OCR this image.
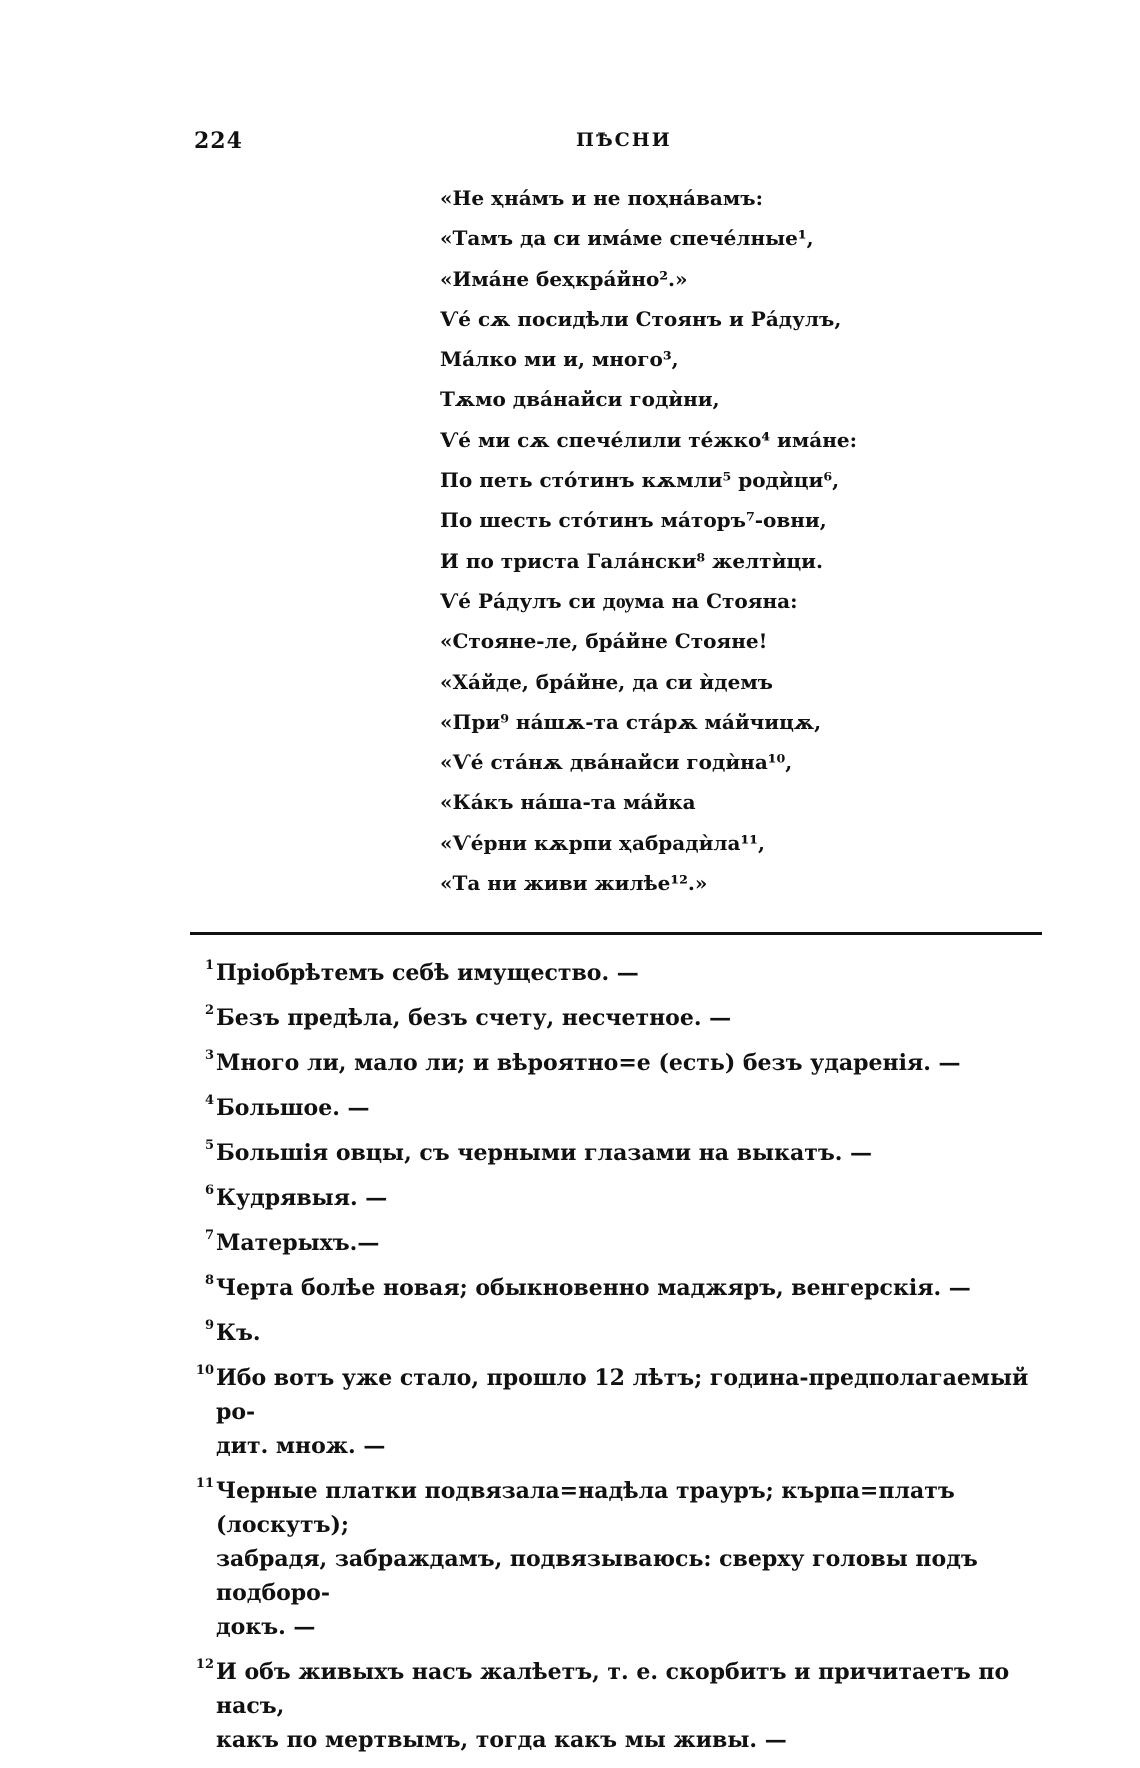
224	ПѢСНИ
«Не ҳнáмъ и не поҳнáвамъ:
«Тамъ да си имáме спечéлные¹,
«Имáне беҳкрáйно².»
Ѵé сѫ посидѣли Стоянъ и Рáдулъ,
Мáлко ми и, много³,
Тѫмо двáнайси годѝни,
Ѵé ми сѫ спечéлили тéжко⁴ имáне:
По петь стóтинъ кѫмли⁵ родѝци⁶,
По шесть стóтинъ мáторъ⁷-овни,
И по триста Галáнски⁸ желтѝци.
Ѵé Рáдулъ си дѹма на Стояна:
«Стояне-ле, брáйне Стояне!
«Хáйде, брáйне, да си ѝдемъ
«При⁹ нáшѫ-та стáрѫ мáйчицѫ,
«Ѵé стáнѫ двáнайси годѝна¹⁰,
«Кáкъ нáша-та мáйка
«Ѵéрни кѫрпи ҳабрадѝла¹¹,
«Та ни живи жилѣе¹².»
1 Пріобрѣтемъ себѣ имущество. —
2 Безъ предѣла, безъ счету, несчетное. —
3 Много ли, мало ли; и вѣроятно=е (есть) безъ ударенія. —
4 Большое. —
5 Большія овцы, съ черными глазами на выкатъ. —
6 Кудрявыя. —
7 Матерыхъ.—
8 Черта болѣе новая; обыкновенно маджяръ, венгерскія. —
9 Къ.
10 Ибо вотъ уже стало, прошло 12 лѣтъ; година-предполагаемый ро-
дит. множ. —
11 Черные платки подвязала=надѣла трауръ; кърпа=платъ (лоскутъ);
забрадя, забраждамъ, подвязываюсь: сверху головы подъ подборо-
докъ. —
12 И объ живыхъ насъ жалѣетъ, т. е. скорбитъ и причитаетъ по насъ,
какъ по мертвымъ, тогда какъ мы живы. —
